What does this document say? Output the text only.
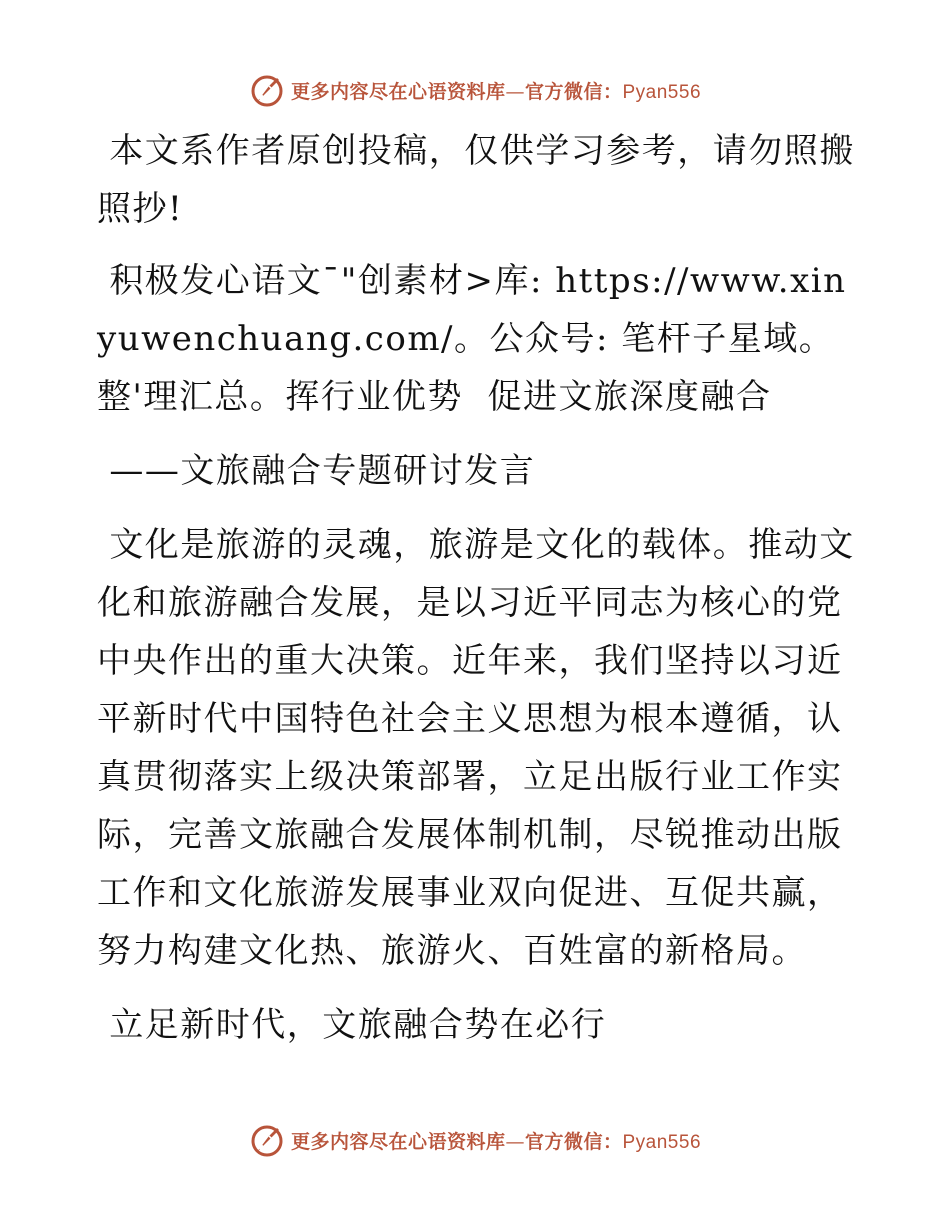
更多内容尽在心语资料库—官方微信：Pyan556

本文系作者原创投稿，仅供学习参考，请勿照搬照抄!

积极发心语文¯"创素材>库: https://www.xinyuwenchuang.com/。公众号: 笔杆子星域。整'理汇总。挥行业优势  促进文旅深度融合

——文旅融合专题研讨发言

文化是旅游的灵魂，旅游是文化的载体。推动文化和旅游融合发展，是以习近平同志为核心的党中央作出的重大决策。近年来，我们坚持以习近平新时代中国特色社会主义思想为根本遵循，认真贯彻落实上级决策部署，立足出版行业工作实际，完善文旅融合发展体制机制，尽锐推动出版工作和文化旅游发展事业双向促进、互促共赢，努力构建文化热、旅游火、百姓富的新格局。

立足新时代，文旅融合势在必行

更多内容尽在心语资料库—官方微信：Pyan556
